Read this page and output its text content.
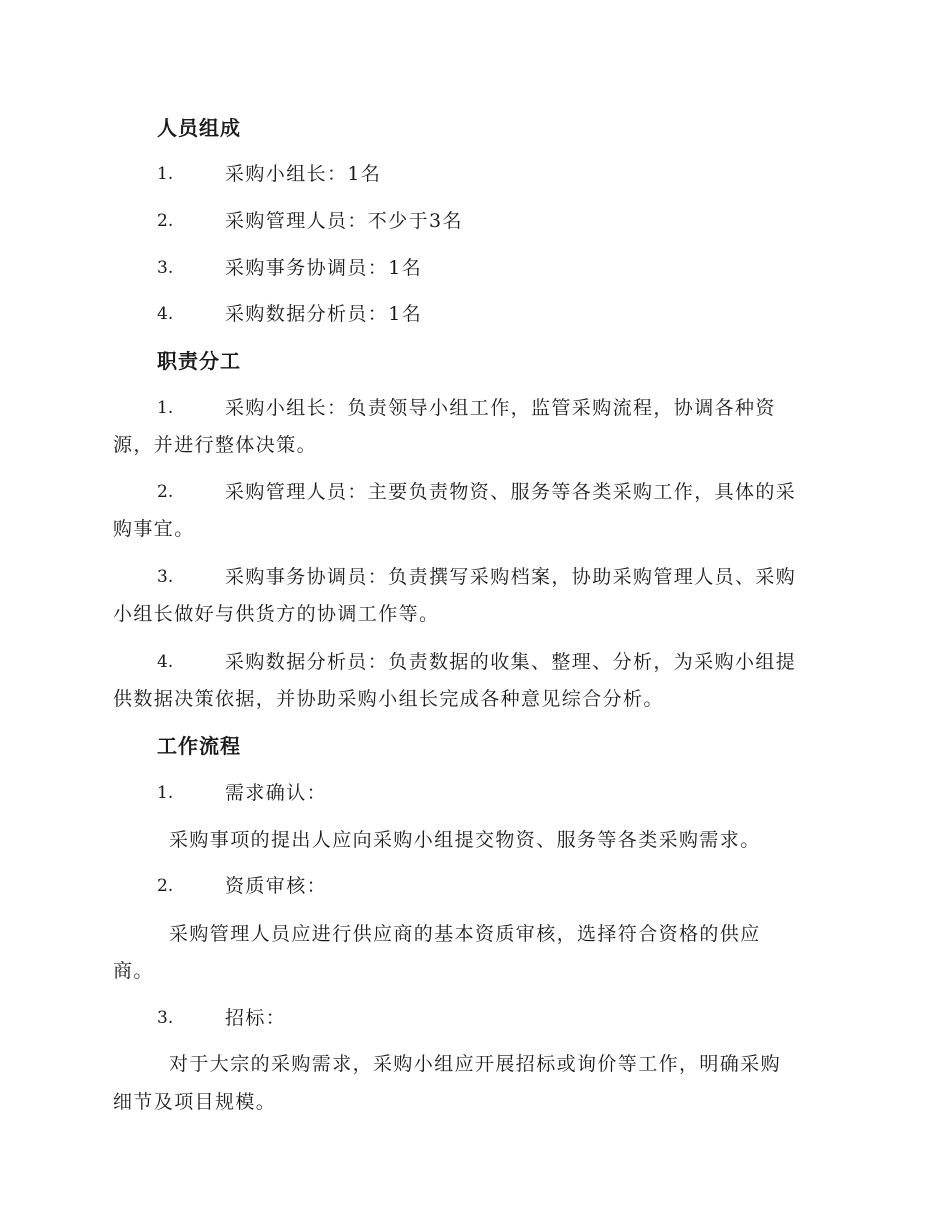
人员组成
1.	采购小组长：1名
2.	采购管理人员：不少于3名
3.	采购事务协调员：1名
4.	采购数据分析员：1名
职责分工
1.	采购小组长：负责领导小组工作，监管采购流程，协调各种资
源，并进行整体决策。
2.	采购管理人员：主要负责物资、服务等各类采购工作，具体的采
购事宜。
3.	采购事务协调员：负责撰写采购档案，协助采购管理人员、采购
小组长做好与供货方的协调工作等。
4.	采购数据分析员：负责数据的收集、整理、分析，为采购小组提
供数据决策依据，并协助采购小组长完成各种意见综合分析。
工作流程
1.	需求确认：
采购事项的提出人应向采购小组提交物资、服务等各类采购需求。
2.	资质审核：
采购管理人员应进行供应商的基本资质审核，选择符合资格的供应
商。
3.	招标：
对于大宗的采购需求，采购小组应开展招标或询价等工作，明确采购
细节及项目规模。
